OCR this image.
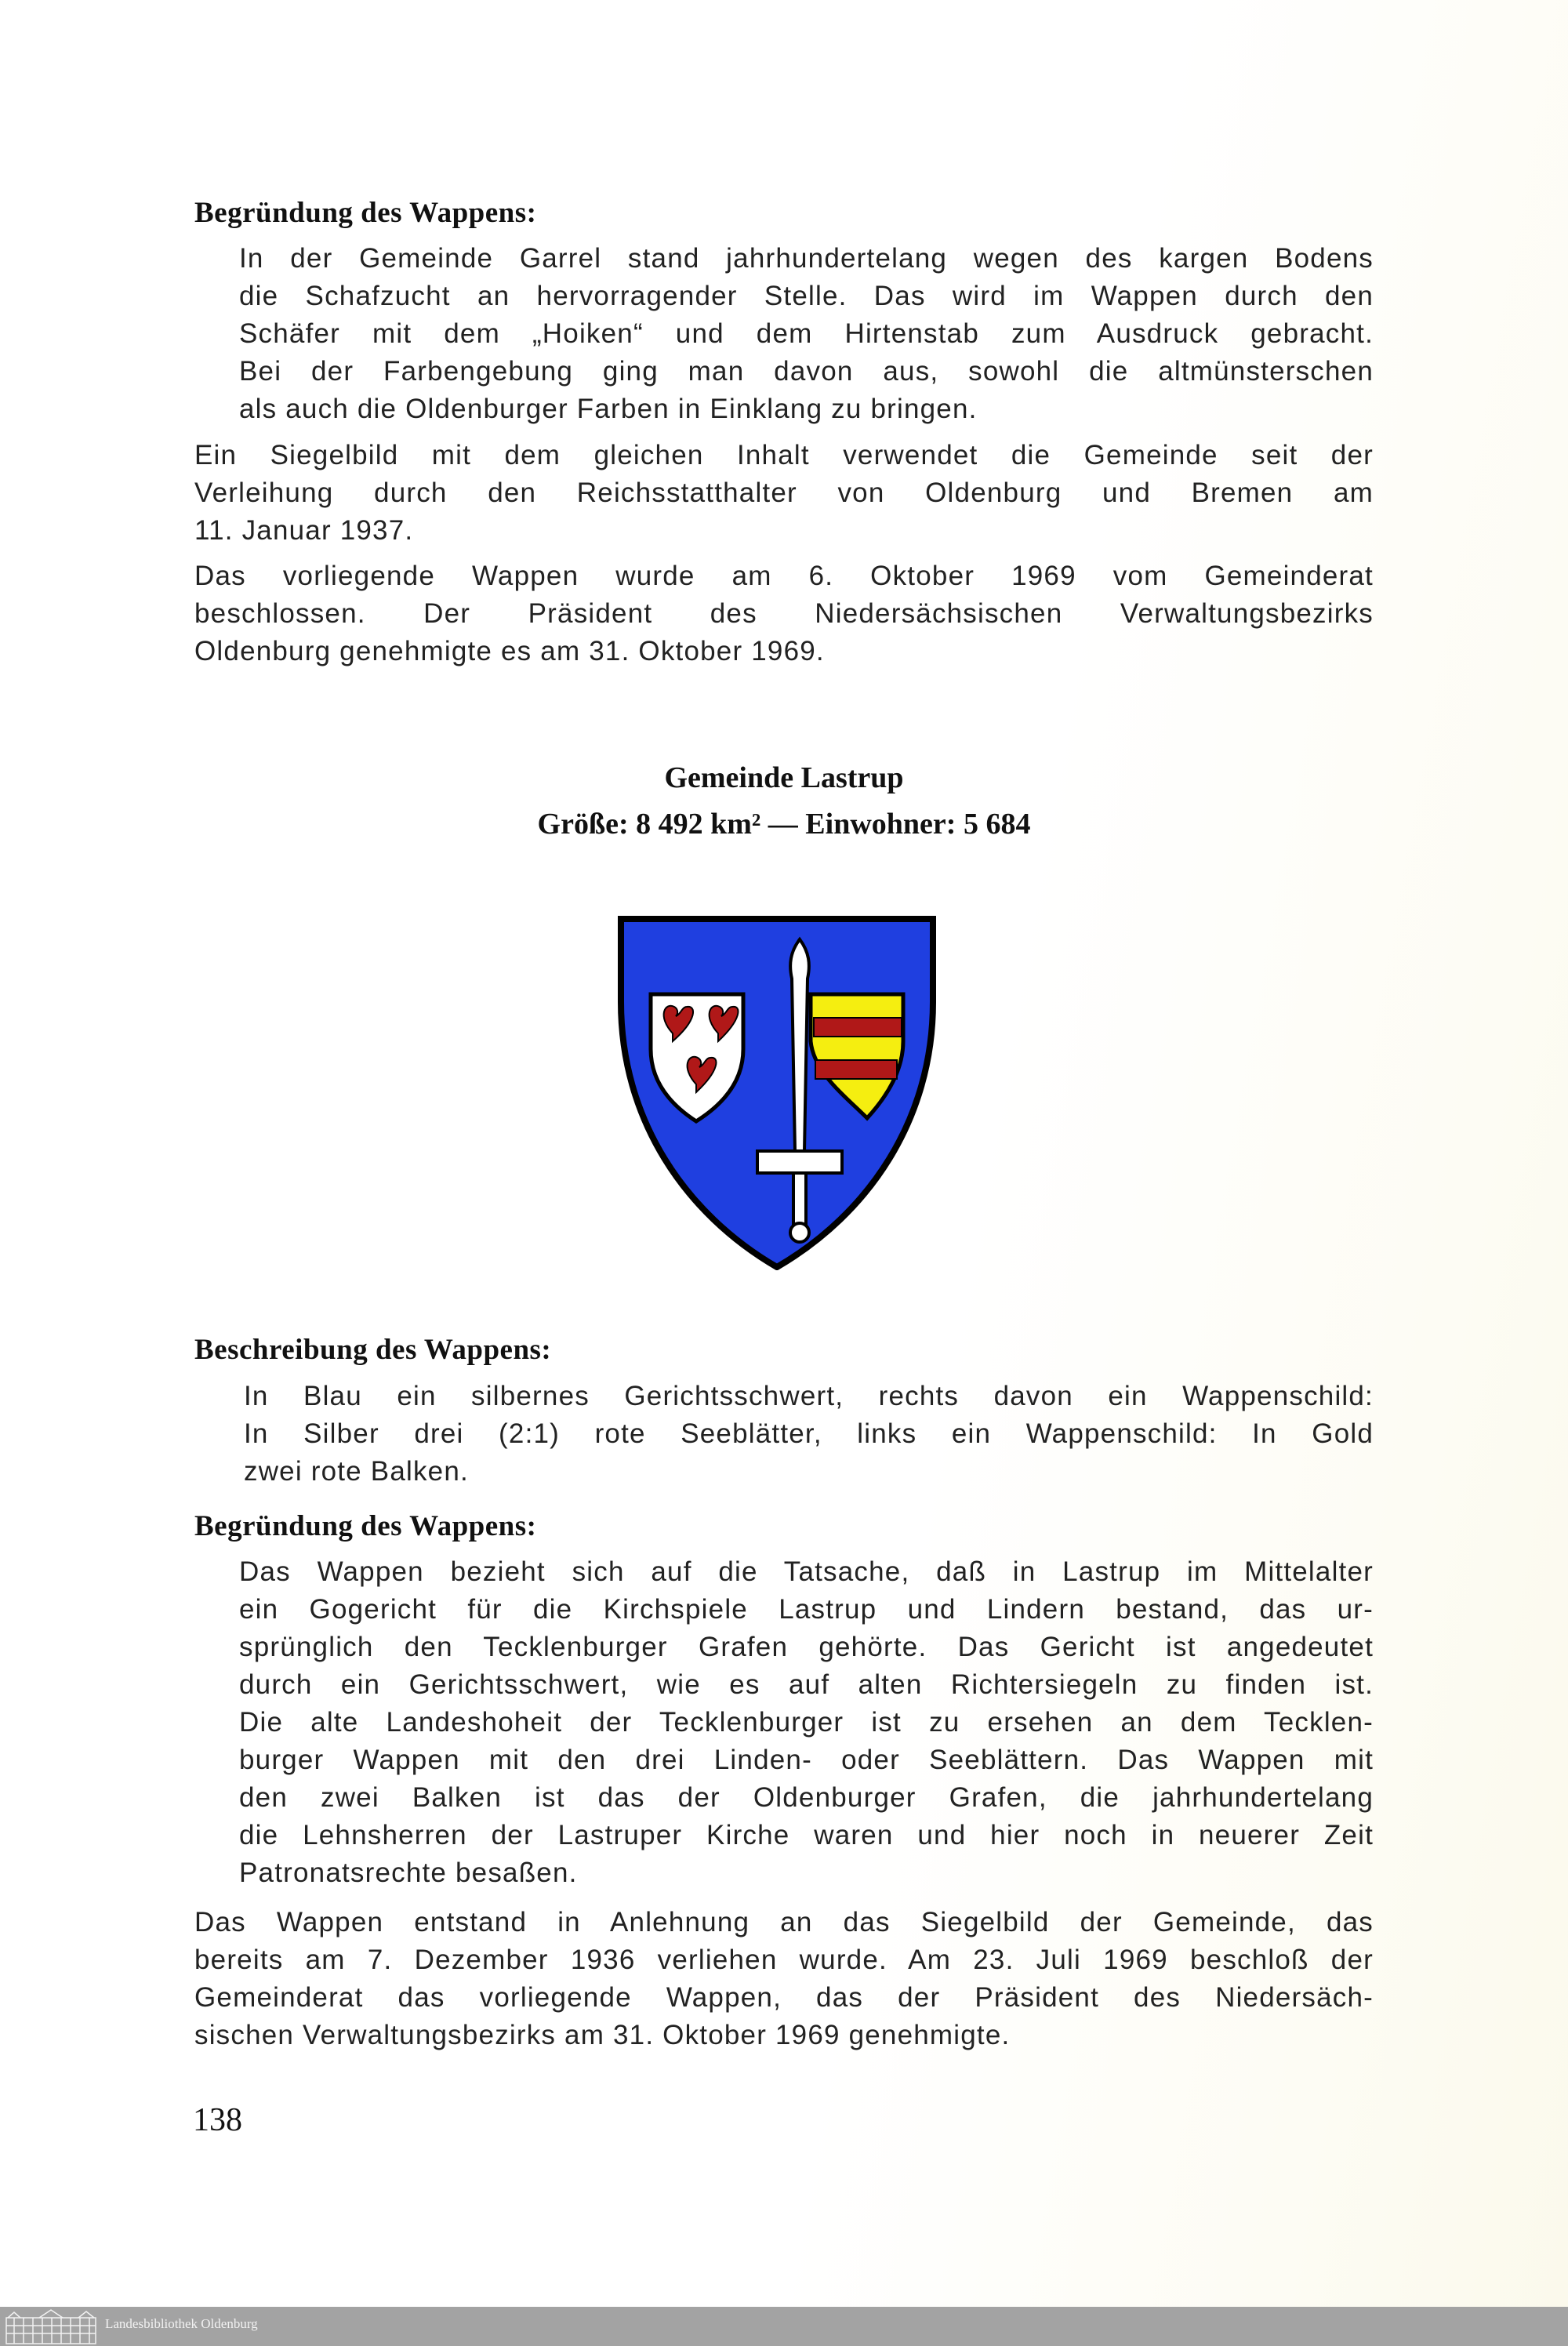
Begründung des Wappens:
In der Gemeinde Garrel stand jahrhundertelang wegen des kargen Bodens
die Schafzucht an hervorragender Stelle. Das wird im Wappen durch den
Schäfer mit dem „Hoiken“ und dem Hirtenstab zum Ausdruck gebracht.
Bei der Farbengebung ging man davon aus, sowohl die altmünsterschen
als auch die Oldenburger Farben in Einklang zu bringen.
Ein Siegelbild mit dem gleichen Inhalt verwendet die Gemeinde seit der
Verleihung durch den Reichsstatthalter von Oldenburg und Bremen am
11. Januar 1937.
Das vorliegende Wappen wurde am 6. Oktober 1969 vom Gemeinderat
beschlossen. Der Präsident des Niedersächsischen Verwaltungsbezirks
Oldenburg genehmigte es am 31. Oktober 1969.
Gemeinde Lastrup
Größe: 8 492 km² — Einwohner: 5 684
Beschreibung des Wappens:
In Blau ein silbernes Gerichtsschwert, rechts davon ein Wappenschild:
In Silber drei (2:1) rote Seeblätter, links ein Wappenschild: In Gold
zwei rote Balken.
Begründung des Wappens:
Das Wappen bezieht sich auf die Tatsache, daß in Lastrup im Mittelalter
ein Gogericht für die Kirchspiele Lastrup und Lindern bestand, das ur-
sprünglich den Tecklenburger Grafen gehörte. Das Gericht ist angedeutet
durch ein Gerichtsschwert, wie es auf alten Richtersiegeln zu finden ist.
Die alte Landeshoheit der Tecklenburger ist zu ersehen an dem Tecklen-
burger Wappen mit den drei Linden- oder Seeblättern. Das Wappen mit
den zwei Balken ist das der Oldenburger Grafen, die jahrhundertelang
die Lehnsherren der Lastruper Kirche waren und hier noch in neuerer Zeit
Patronatsrechte besaßen.
Das Wappen entstand in Anlehnung an das Siegelbild der Gemeinde, das
bereits am 7. Dezember 1936 verliehen wurde. Am 23. Juli 1969 beschloß der
Gemeinderat das vorliegende Wappen, das der Präsident des Niedersäch-
sischen Verwaltungsbezirks am 31. Oktober 1969 genehmigte.
138
Landesbibliothek Oldenburg
